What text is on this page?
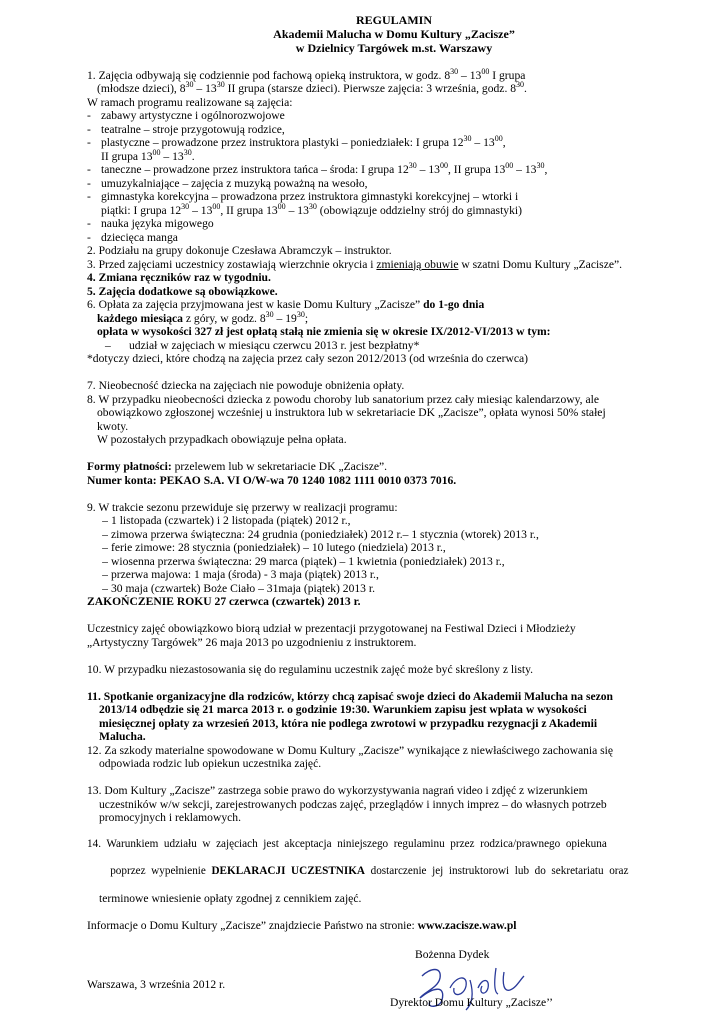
REGULAMIN
Akademii Malucha w Domu Kultury „Zacisze”
w Dzielnicy Targówek m.st. Warszawy
1. Zajęcia odbywają się codziennie pod fachową opieką instruktora, w godz. $8^{30} - 13^{00}$ I grupa
(młodsze dzieci), $8^{30} - 13^{30}$ II grupa (starsze dzieci). Pierwsze zajęcia: 3 września, godz. $8^{30}$.
W ramach programu realizowane są zajęcia:
- zabawy artystyczne i ogólnorozwojowe
- teatralne – stroje przygotowują rodzice,
- plastyczne – prowadzone przez instruktora plastyki – poniedziałek: I grupa $12^{30} - 13^{00}$,
II grupa $13^{00} - 13^{30}$.
- taneczne – prowadzone przez instruktora tańca – środa: I grupa $12^{30} - 13^{00}$, II grupa $13^{00} - 13^{30}$,
- umuzykalniające – zajęcia z muzyką poważną na wesoło,
- gimnastyka korekcyjna – prowadzona przez instruktora gimnastyki korekcyjnej – wtorki i
piątki: I grupa $12^{30} - 13^{00}$, II grupa $13^{00} - 13^{30}$ (obowiązuje oddzielny strój do gimnastyki)
- nauka języka migowego
- dziecięca manga
2. Podziału na grupy dokonuje Czesława Abramczyk – instruktor.
3. Przed zajęciami uczestnicy zostawiają wierzchnie okrycia i zmieniają obuwie w szatni Domu Kultury „Zacisze”.
4. Zmiana ręczników raz w tygodniu.
5. Zajęcia dodatkowe są obowiązkowe.
6. Opłata za zajęcia przyjmowana jest w kasie Domu Kultury „Zacisze” do 1-go dnia
każdego miesiąca z góry, w godz. $8^{30} - 19^{30}$;
opłata w wysokości 327 zł jest opłatą stałą nie zmienia się w okresie IX/2012-VI/2013 w tym:
– udział w zajęciach w miesiącu czerwcu 2013 r. jest bezpłatny*
*dotyczy dzieci, które chodzą na zajęcia przez cały sezon 2012/2013 (od września do czerwca)
7. Nieobecność dziecka na zajęciach nie powoduje obniżenia opłaty.
8. W przypadku nieobecności dziecka z powodu choroby lub sanatorium przez cały miesiąc kalendarzowy, ale
obowiązkowo zgłoszonej wcześniej u instruktora lub w sekretariacie DK „Zacisze”, opłata wynosi 50% stałej
kwoty.
W pozostałych przypadkach obowiązuje pełna opłata.
Formy płatności: przelewem lub w sekretariacie DK „Zacisze”.
Numer konta: PEKAO S.A. VI O/W-wa 70 1240 1082 1111 0010 0373 7016.
9. W trakcie sezonu przewiduje się przerwy w realizacji programu:
– 1 listopada (czwartek) i 2 listopada (piątek) 2012 r.,
– zimowa przerwa świąteczna: 24 grudnia (poniedziałek) 2012 r.– 1 stycznia (wtorek) 2013 r.,
– ferie zimowe: 28 stycznia (poniedziałek) – 10 lutego (niedziela) 2013 r.,
– wiosenna przerwa świąteczna: 29 marca (piątek) – 1 kwietnia (poniedziałek) 2013 r.,
– przerwa majowa: 1 maja (środa) - 3 maja (piątek) 2013 r.,
– 30 maja (czwartek) Boże Ciało – 31maja (piątek) 2013 r.
ZAKOŃCZENIE ROKU 27 czerwca (czwartek) 2013 r.
Uczestnicy zajęć obowiązkowo biorą udział w prezentacji przygotowanej na Festiwal Dzieci i Młodzieży
„Artystyczny Targówek” 26 maja 2013 po uzgodnieniu z instruktorem.
10. W przypadku niezastosowania się do regulaminu uczestnik zajęć może być skreślony z listy.
11. Spotkanie organizacyjne dla rodziców, którzy chcą zapisać swoje dzieci do Akademii Malucha na sezon
2013/14 odbędzie się 21 marca 2013 r. o godzinie 19:30. Warunkiem zapisu jest wpłata w wysokości
miesięcznej opłaty za wrzesień 2013, która nie podlega zwrotowi w przypadku rezygnacji z Akademii
Malucha.
12. Za szkody materialne spowodowane w Domu Kultury „Zacisze” wynikające z niewłaściwego zachowania się
odpowiada rodzic lub opiekun uczestnika zajęć.
13. Dom Kultury „Zacisze” zastrzega sobie prawo do wykorzystywania nagrań video i zdjęć z wizerunkiem
uczestników w/w sekcji, zarejestrowanych podczas zajęć, przeglądów i innych imprez – do własnych potrzeb
promocyjnych i reklamowych.
14.  Warunkiem  udziału  w  zajęciach  jest  akceptacja  niniejszego  regulaminu  przez  rodzica/prawnego  opiekuna

poprzez  wypełnienie  DEKLARACJI  UCZESTNIKA  dostarczenie  jej  instruktorowi  lub  do  sekretariatu  oraz

terminowe wniesienie opłaty zgodnej z cennikiem zajęć.
Informacje o Domu Kultury „Zacisze” znajdziecie Państwo na stronie: www.zacisze.waw.pl
Bożenna Dydek
Warszawa, 3 września 2012 r.
Dyrektor Domu Kultury „Zacisze’’
